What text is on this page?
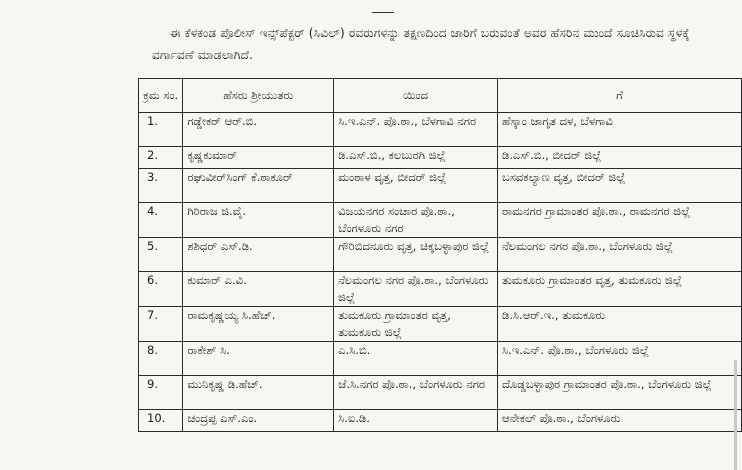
ಈ ಕೆಳಕಂಡ ಪೊಲೀಸ್ ಇನ್ಸ್‌ಪೆಕ್ಟರ್ (ಸಿವಿಲ್) ರವರುಗಳನ್ನು ತಕ್ಷಣದಿಂದ ಜಾರಿಗೆ ಬರುವಂತೆ ಅವರ ಹೆಸರಿನ ಮುಂದೆ ಸೂಚಿಸಿರುವ ಸ್ಥಳಕ್ಕೆ ವರ್ಗಾವಣೆ ಮಾಡಲಾಗಿದೆ.

ಕ್ರಮ ಸಂ.	ಹೆಸರು ಶ್ರೀಯುತರು	ಯಿಂದ	ಗೆ
1.	ಗಡ್ಡೇಕರ್ ಆರ್.ಬಿ.	ಸಿ.ಇ.ಎನ್. ಪೊ.ಠಾ., ಬೆಳಗಾವಿ ನಗರ	ಹೆಸ್ಕಾಂ ಜಾಗೃತ ದಳ, ಬೆಳಗಾವಿ
2.	ಕೃಷ್ಣಕುಮಾರ್	ಡಿ.ಎಸ್.ಬಿ., ಕಲಬುರಗಿ ಜಿಲ್ಲೆ	ಡಿ.ಎಸ್.ಬಿ., ಬೀದರ್ ಜಿಲ್ಲೆ
3.	ರಘುವೀರ್‌ಸಿಂಗ್ ಕೆ.ಠಾಕೂರ್	ಮಂಠಾಳ ವೃತ್ತ, ಬೀದರ್ ಜಿಲ್ಲೆ	ಬಸವಕಲ್ಯಾಣ ವೃತ್ತ, ಬೀದರ್ ಜಿಲ್ಲೆ
4.	ಗಿರಿರಾಜ ಜಿ.ವೈ.	ವಿಜಯನಗರ ಸಂಚಾರ ಪೊ.ಠಾ., ಬೆಂಗಳೂರು ನಗರ	ರಾಮನಗರ ಗ್ರಾಮಾಂತರ ಪೊ.ಠಾ., ರಾಮನಗರ ಜಿಲ್ಲೆ
5.	ಶಶಿಧರ್ ಎಸ್.ಡಿ.	ಗೌರಿಬಿದನೂರು ವೃತ್ತ, ಚಿಕ್ಕಬಳ್ಳಾಪುರ ಜಿಲ್ಲೆ	ನೆಲಮಂಗಲ ನಗರ ಪೊ.ಠಾ., ಬೆಂಗಳೂರು ಜಿಲ್ಲೆ
6.	ಕುಮಾರ್ ಎ.ವಿ.	ನೆಲಮಂಗಲ ನಗರ ಪೊ.ಠಾ., ಬೆಂಗಳೂರು ಜಿಲ್ಲೆ	ತುಮಕೂರು ಗ್ರಾಮಾಂತರ ವೃತ್ತ, ತುಮಕೂರು ಜಿಲ್ಲೆ
7.	ರಾಮಕೃಷ್ಣಯ್ಯ ಸಿ.ಹೆಚ್.	ತುಮಕೂರು ಗ್ರಾಮಾಂತರ ವೃತ್ತ, ತುಮಕೂರು ಜಿಲ್ಲೆ	ಡಿ.ಸಿ.ಆರ್.ಇ., ತುಮಕೂರು
8.	ರಾಕೇಶ್ ಸಿ.	ಎ.ಸಿ.ಬಿ.	ಸಿ.ಇ.ಎನ್. ಪೊ.ಠಾ., ಬೆಂಗಳೂರು ಜಿಲ್ಲೆ
9.	ಮುನಿಕೃಷ್ಣ ಡಿ.ಹೆಚ್.	ಜೆ.ಸಿ.ನಗರ ಪೊ.ಠಾ., ಬೆಂಗಳೂರು ನಗರ	ದೊಡ್ಡಬಳ್ಳಾಪುರ ಗ್ರಾಮಾಂತರ ಪೊ.ಠಾ., ಬೆಂಗಳೂರು ಜಿಲ್ಲೆ
10.	ಚಂದ್ರಪ್ಪ ಎಸ್.ಎಂ.	ಸಿ.ಐ.ಡಿ.	ಆನೇಕಲ್ ಪೊ.ಠಾ., ಬೆಂಗಳೂರು
